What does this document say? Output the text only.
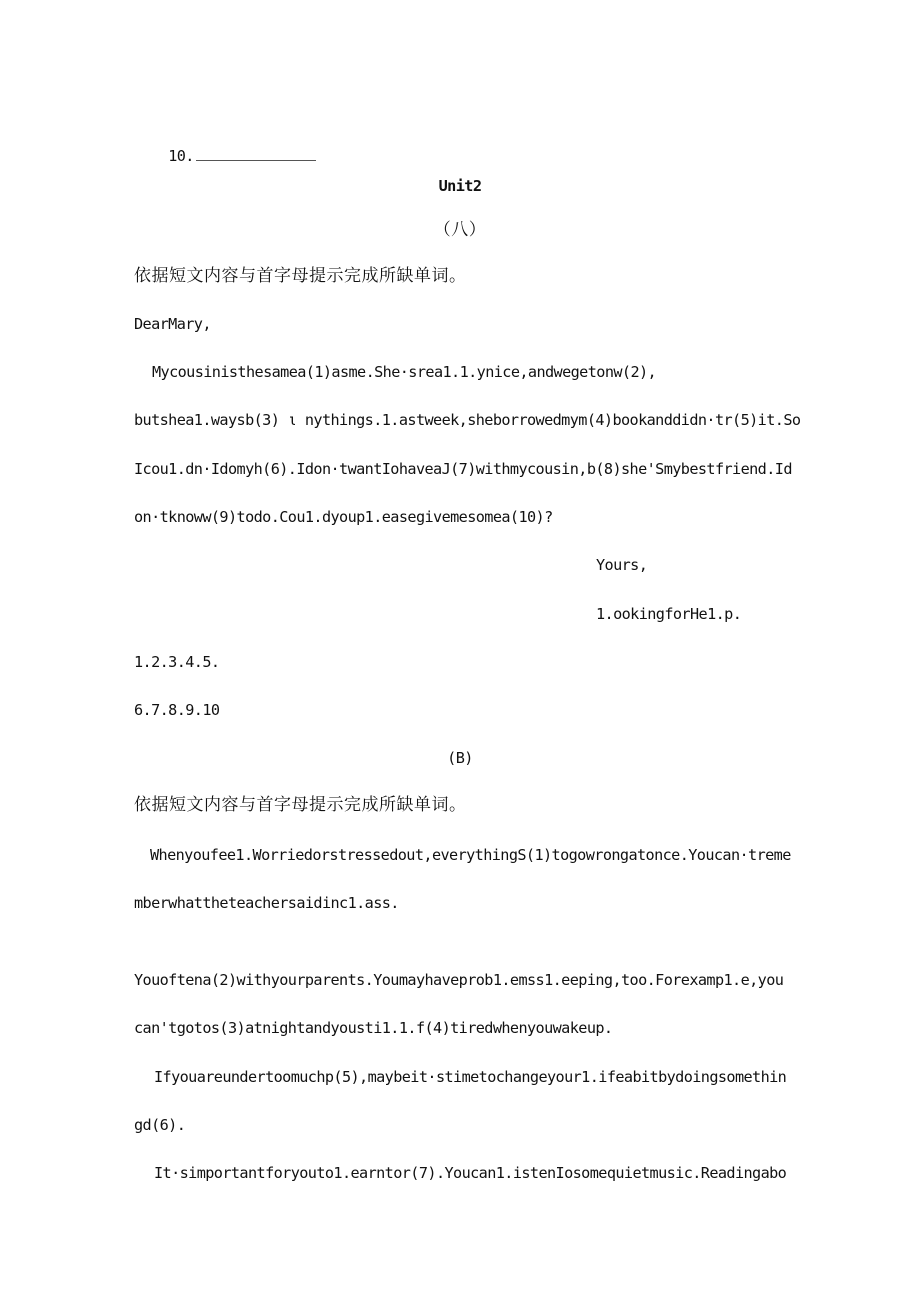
10.

Unit2
（八）
依据短文内容与首字母提示完成所缺单词。
DearMary,
Mycousinisthesamea(1)asme.She·srea1.1.ynice,andwegetonw(2),
butshea1.waysb(3) ι nythings.1.astweek,sheborrowedmym(4)bookanddidn·tr(5)it.So
Icou1.dn·Idomyh(6).Idon·twantIohaveaJ(7)withmycousin,b(8)she'Smybestfriend.Id
on·tknoww(9)todo.Cou1.dyoup1.easegivemesomea(10)?
Yours,
1.ookingforHe1.p.
1.2.3.4.5.
6.7.8.9.10
(B)
依据短文内容与首字母提示完成所缺单词。
Whenyoufee1.Worriedorstressedout,everythingS(1)togowrongatonce.Youcan·treme
mberwhattheteachersaidinc1.ass.
Youoftena(2)withyourparents.Youmayhaveprob1.emss1.eeping,too.Forexamp1.e,you
can'tgotos(3)atnightandyousti1.1.f(4)tiredwhenyouwakeup.
Ifyouareundertoomuchp(5),maybeit·stimetochangeyour1.ifeabitbydoingsomethin
gd(6).
It·simportantforyouto1.earntor(7).Youcan1.istenIosomequietmusic.Readingabo
